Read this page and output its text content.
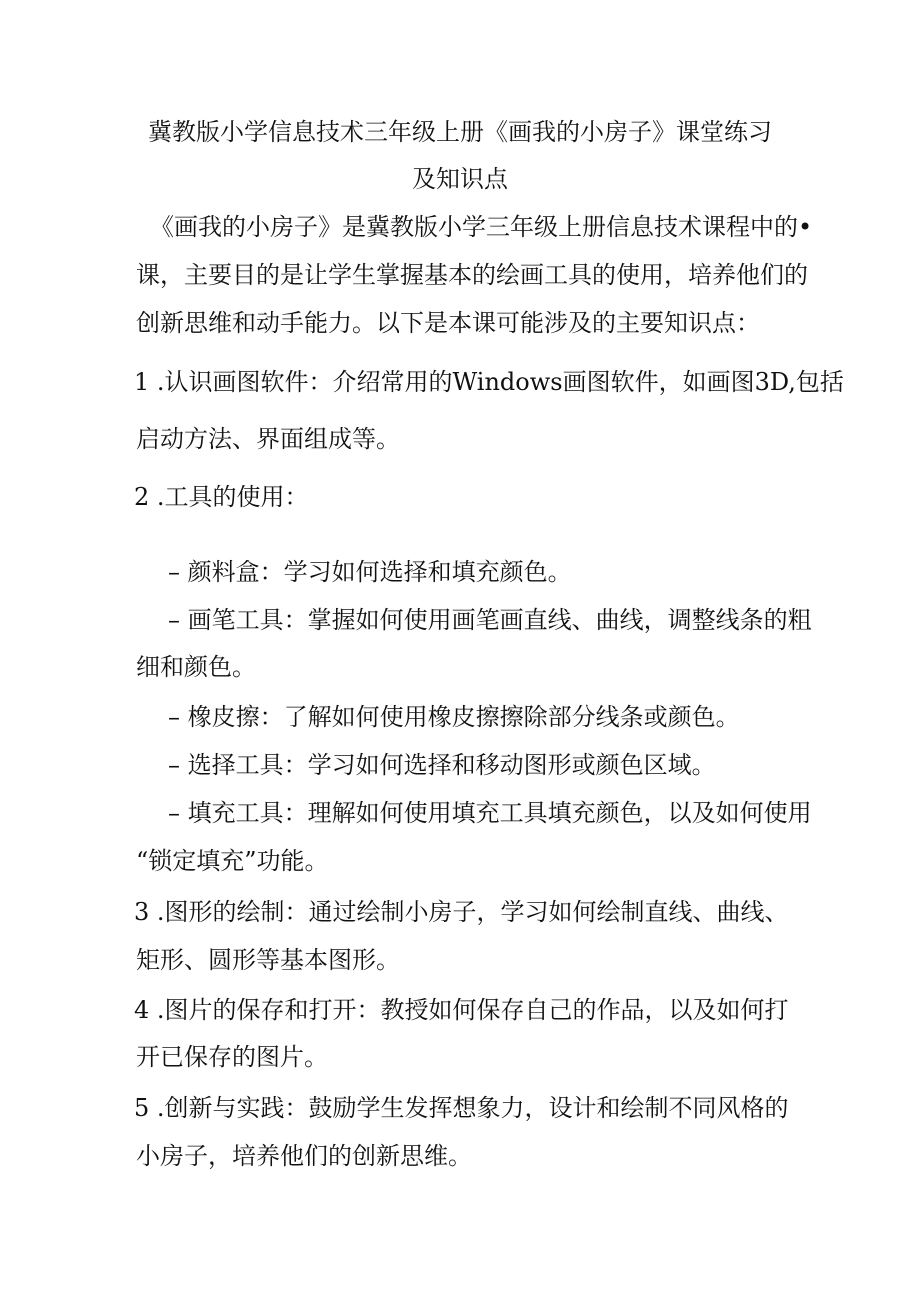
冀教版小学信息技术三年级上册《画我的小房子》课堂练习
及知识点
《画我的小房子》是冀教版小学三年级上册信息技术课程中的•
课，主要目的是让学生掌握基本的绘画工具的使用，培养他们的
创新思维和动手能力。以下是本课可能涉及的主要知识点：
1 .认识画图软件：介绍常用的Windows画图软件，如画图3D,包括
启动方法、界面组成等。
2 .工具的使用：
– 颜料盒：学习如何选择和填充颜色。
– 画笔工具：掌握如何使用画笔画直线、曲线，调整线条的粗
细和颜色。
– 橡皮擦：了解如何使用橡皮擦擦除部分线条或颜色。
– 选择工具：学习如何选择和移动图形或颜色区域。
– 填充工具：理解如何使用填充工具填充颜色，以及如何使用
“锁定填充”功能。
3 .图形的绘制：通过绘制小房子，学习如何绘制直线、曲线、
矩形、圆形等基本图形。
4 .图片的保存和打开：教授如何保存自己的作品，以及如何打
开已保存的图片。
5 .创新与实践：鼓励学生发挥想象力，设计和绘制不同风格的
小房子，培养他们的创新思维。
